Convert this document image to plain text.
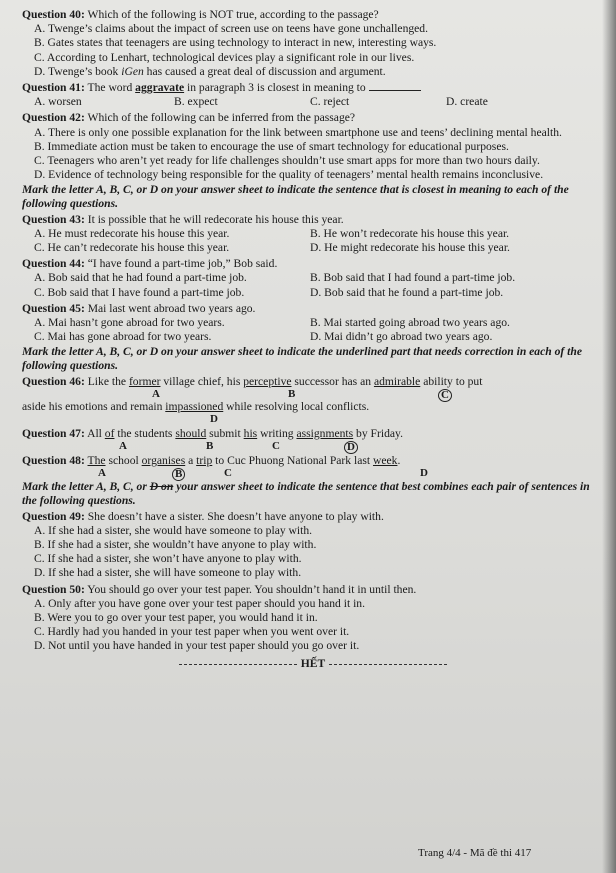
Question 40: Which of the following is NOT true, according to the passage?
A. Twenge’s claims about the impact of screen use on teens have gone unchallenged.
B. Gates states that teenagers are using technology to interact in new, interesting ways.
C. According to Lenhart, technological devices play a significant role in our lives.
D. Twenge’s book iGen has caused a great deal of discussion and argument.
Question 41: The word aggravate in paragraph 3 is closest in meaning to
A. worsen	B. expect	C. reject	D. create
Question 42: Which of the following can be inferred from the passage?
A. There is only one possible explanation for the link between smartphone use and teens’ declining mental health.
B. Immediate action must be taken to encourage the use of smart technology for educational purposes.
C. Teenagers who aren’t yet ready for life challenges shouldn’t use smart apps for more than two hours daily.
D. Evidence of technology being responsible for the quality of teenagers’ mental health remains inconclusive.
Mark the letter A, B, C, or D on your answer sheet to indicate the sentence that is closest in meaning to each of the following questions.
Question 43: It is possible that he will redecorate his house this year.
A. He must redecorate his house this year.	B. He won’t redecorate his house this year.
C. He can’t redecorate his house this year.	D. He might redecorate his house this year.
Question 44: “I have found a part-time job,” Bob said.
A. Bob said that he had found a part-time job.	B. Bob said that I had found a part-time job.
C. Bob said that I have found a part-time job.	D. Bob said that he found a part-time job.
Question 45: Mai last went abroad two years ago.
A. Mai hasn’t gone abroad for two years.	B. Mai started going abroad two years ago.
C. Mai has gone abroad for two years.	D. Mai didn’t go abroad two years ago.
Mark the letter A, B, C, or D on your answer sheet to indicate the underlined part that needs correction in each of the following questions.
Question 46: Like the former village chief, his perceptive successor has an admirable ability to put
A	B	C
aside his emotions and remain impassioned while resolving local conflicts.
D
Question 47: All of the students should submit his writing assignments by Friday.
A	B	C	D
Question 48: The school organises a trip to Cuc Phuong National Park last week.
A	B	C	D
Mark the letter A, B, C, or D on your answer sheet to indicate the sentence that best combines each pair of sentences in the following questions.
Question 49: She doesn’t have a sister. She doesn’t have anyone to play with.
A. If she had a sister, she would have someone to play with.
B. If she had a sister, she wouldn’t have anyone to play with.
C. If she had a sister, she won’t have anyone to play with.
D. If she had a sister, she will have someone to play with.
Question 50: You should go over your test paper. You shouldn’t hand it in until then.
A. Only after you have gone over your test paper should you hand it in.
B. Were you to go over your test paper, you would hand it in.
C. Hardly had you handed in your test paper when you went over it.
D. Not until you have handed in your test paper should you go over it.
HẾT
Trang 4/4 - Mã đề thi 417
